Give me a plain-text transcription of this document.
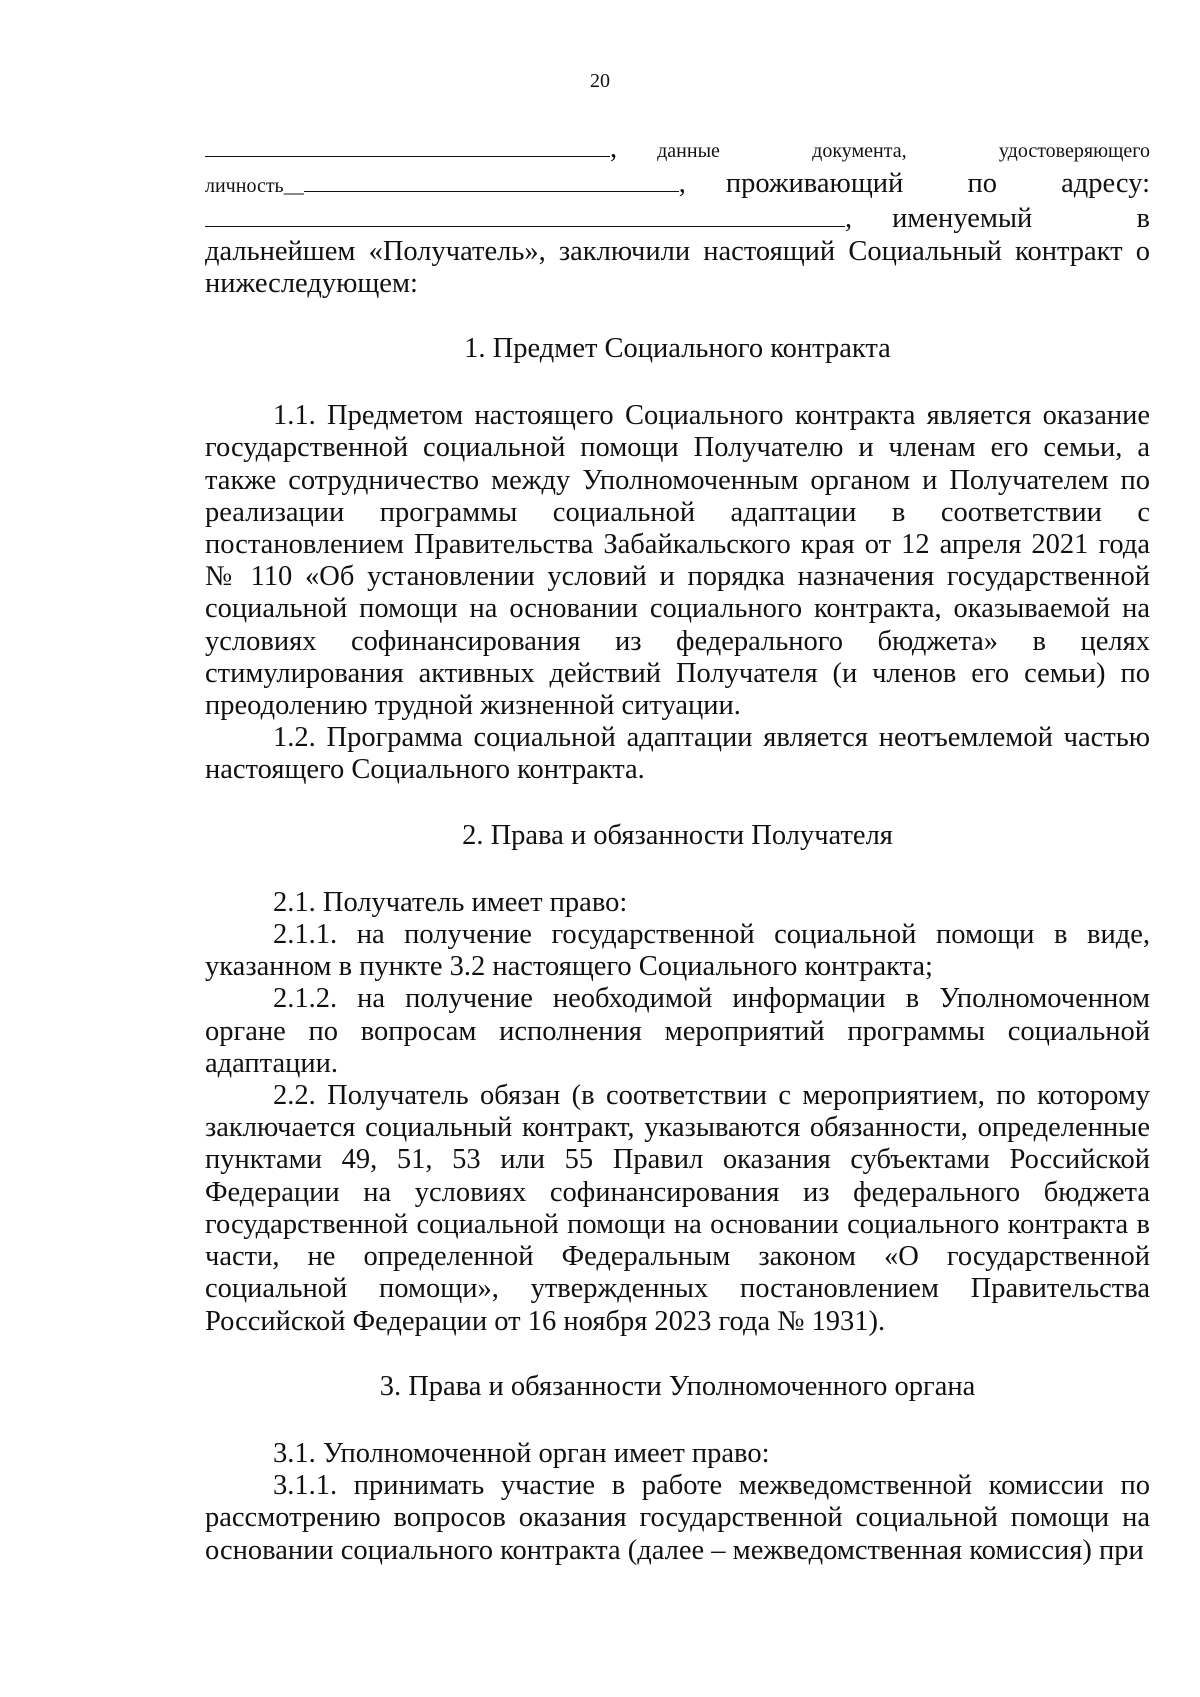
20
, данные документа, удостоверяющего
личность __	, проживающий по адресу:
, именуемый в

дальнейшем «Получатель», заключили настоящий Социальный контракт о нижеследующем:

1. Предмет Социального контракта

1.1. Предметом настоящего Социального контракта является оказание государственной социальной помощи Получателю и членам его семьи, а также сотрудничество между Уполномоченным органом и Получателем по реализации программы социальной адаптации в соответствии с постановлением Правительства Забайкальского края от 12 апреля 2021 года № 110 «Об установлении условий и порядка назначения государственной социальной помощи на основании социального контракта, оказываемой на условиях софинансирования из федерального бюджета» в целях стимулирования активных действий Получателя (и членов его семьи) по преодолению трудной жизненной ситуации.

1.2. Программа социальной адаптации является неотъемлемой частью настоящего Социального контракта.

2. Права и обязанности Получателя

2.1. Получатель имеет право:

2.1.1. на получение государственной социальной помощи в виде, указанном в пункте 3.2 настоящего Социального контракта;

2.1.2. на получение необходимой информации в Уполномоченном органе по вопросам исполнения мероприятий программы социальной адаптации.

2.2. Получатель обязан (в соответствии с мероприятием, по которому заключается социальный контракт, указываются обязанности, определенные пунктами 49, 51, 53 или 55 Правил оказания субъектами Российской Федерации на условиях софинансирования из федерального бюджета государственной социальной помощи на основании социального контракта в части, не определенной Федеральным законом «О государственной социальной помощи», утвержденных постановлением Правительства Российской Федерации от 16 ноября 2023 года № 1931).

3. Права и обязанности Уполномоченного органа

3.1. Уполномоченной орган имеет право:

3.1.1. принимать участие в работе межведомственной комиссии по рассмотрению вопросов оказания государственной социальной помощи на основании социального контракта (далее – межведомственная комиссия) при
